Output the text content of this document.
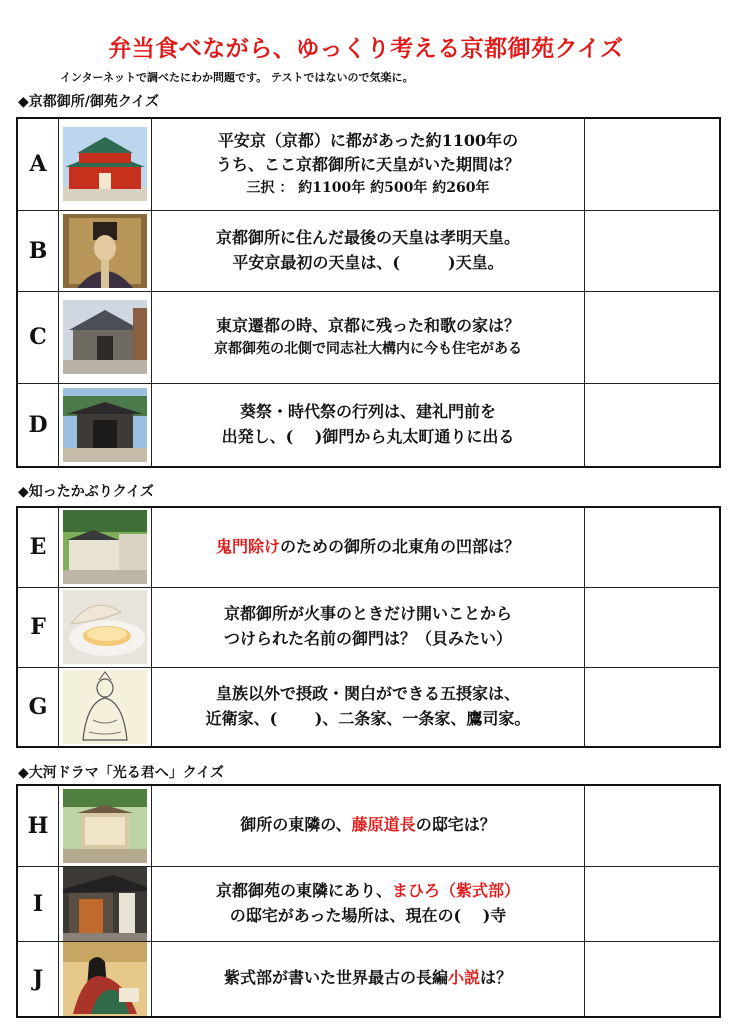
弁当食べながら、ゆっくり考える京都御苑クイズ
インターネットで調べたにわか問題です。 テストではないので気楽に。
◆京都御所/御苑クイズ
A		平安京（京都）に都があった約1100年の
うち、ここ京都御所に天皇がいた期間は？
三択 ： 約1100年 約500年 約260年	

B		京都御所に住んだ最後の天皇は孝明天皇。
平安京最初の天皇は、(　　　)天皇。	

C		東京遷都の時、京都に残った和歌の家は？
京都御苑の北側で同志社大構内に今も住宅がある	

D		葵祭・時代祭の行列は、建礼門前を
出発し、(　 )御門から丸太町通りに出る	

◆知ったかぶりクイズ
E		鬼門除けのための御所の北東角の凹部は？	

F		京都御所が火事のときだけ開いことから
つけられた名前の御門は？（貝みたい）	

G		皇族以外で摂政・関白ができる五摂家は、
近衛家、(　　 )、二条家、一条家、鷹司家。	

◆大河ドラマ「光る君へ」クイズ
H		御所の東隣の、藤原道長の邸宅は？	

I		京都御苑の東隣にあり、まひろ（紫式部）
の邸宅があった場所は、現在の(　 )寺	

J		紫式部が書いた世界最古の長編小説は？	
